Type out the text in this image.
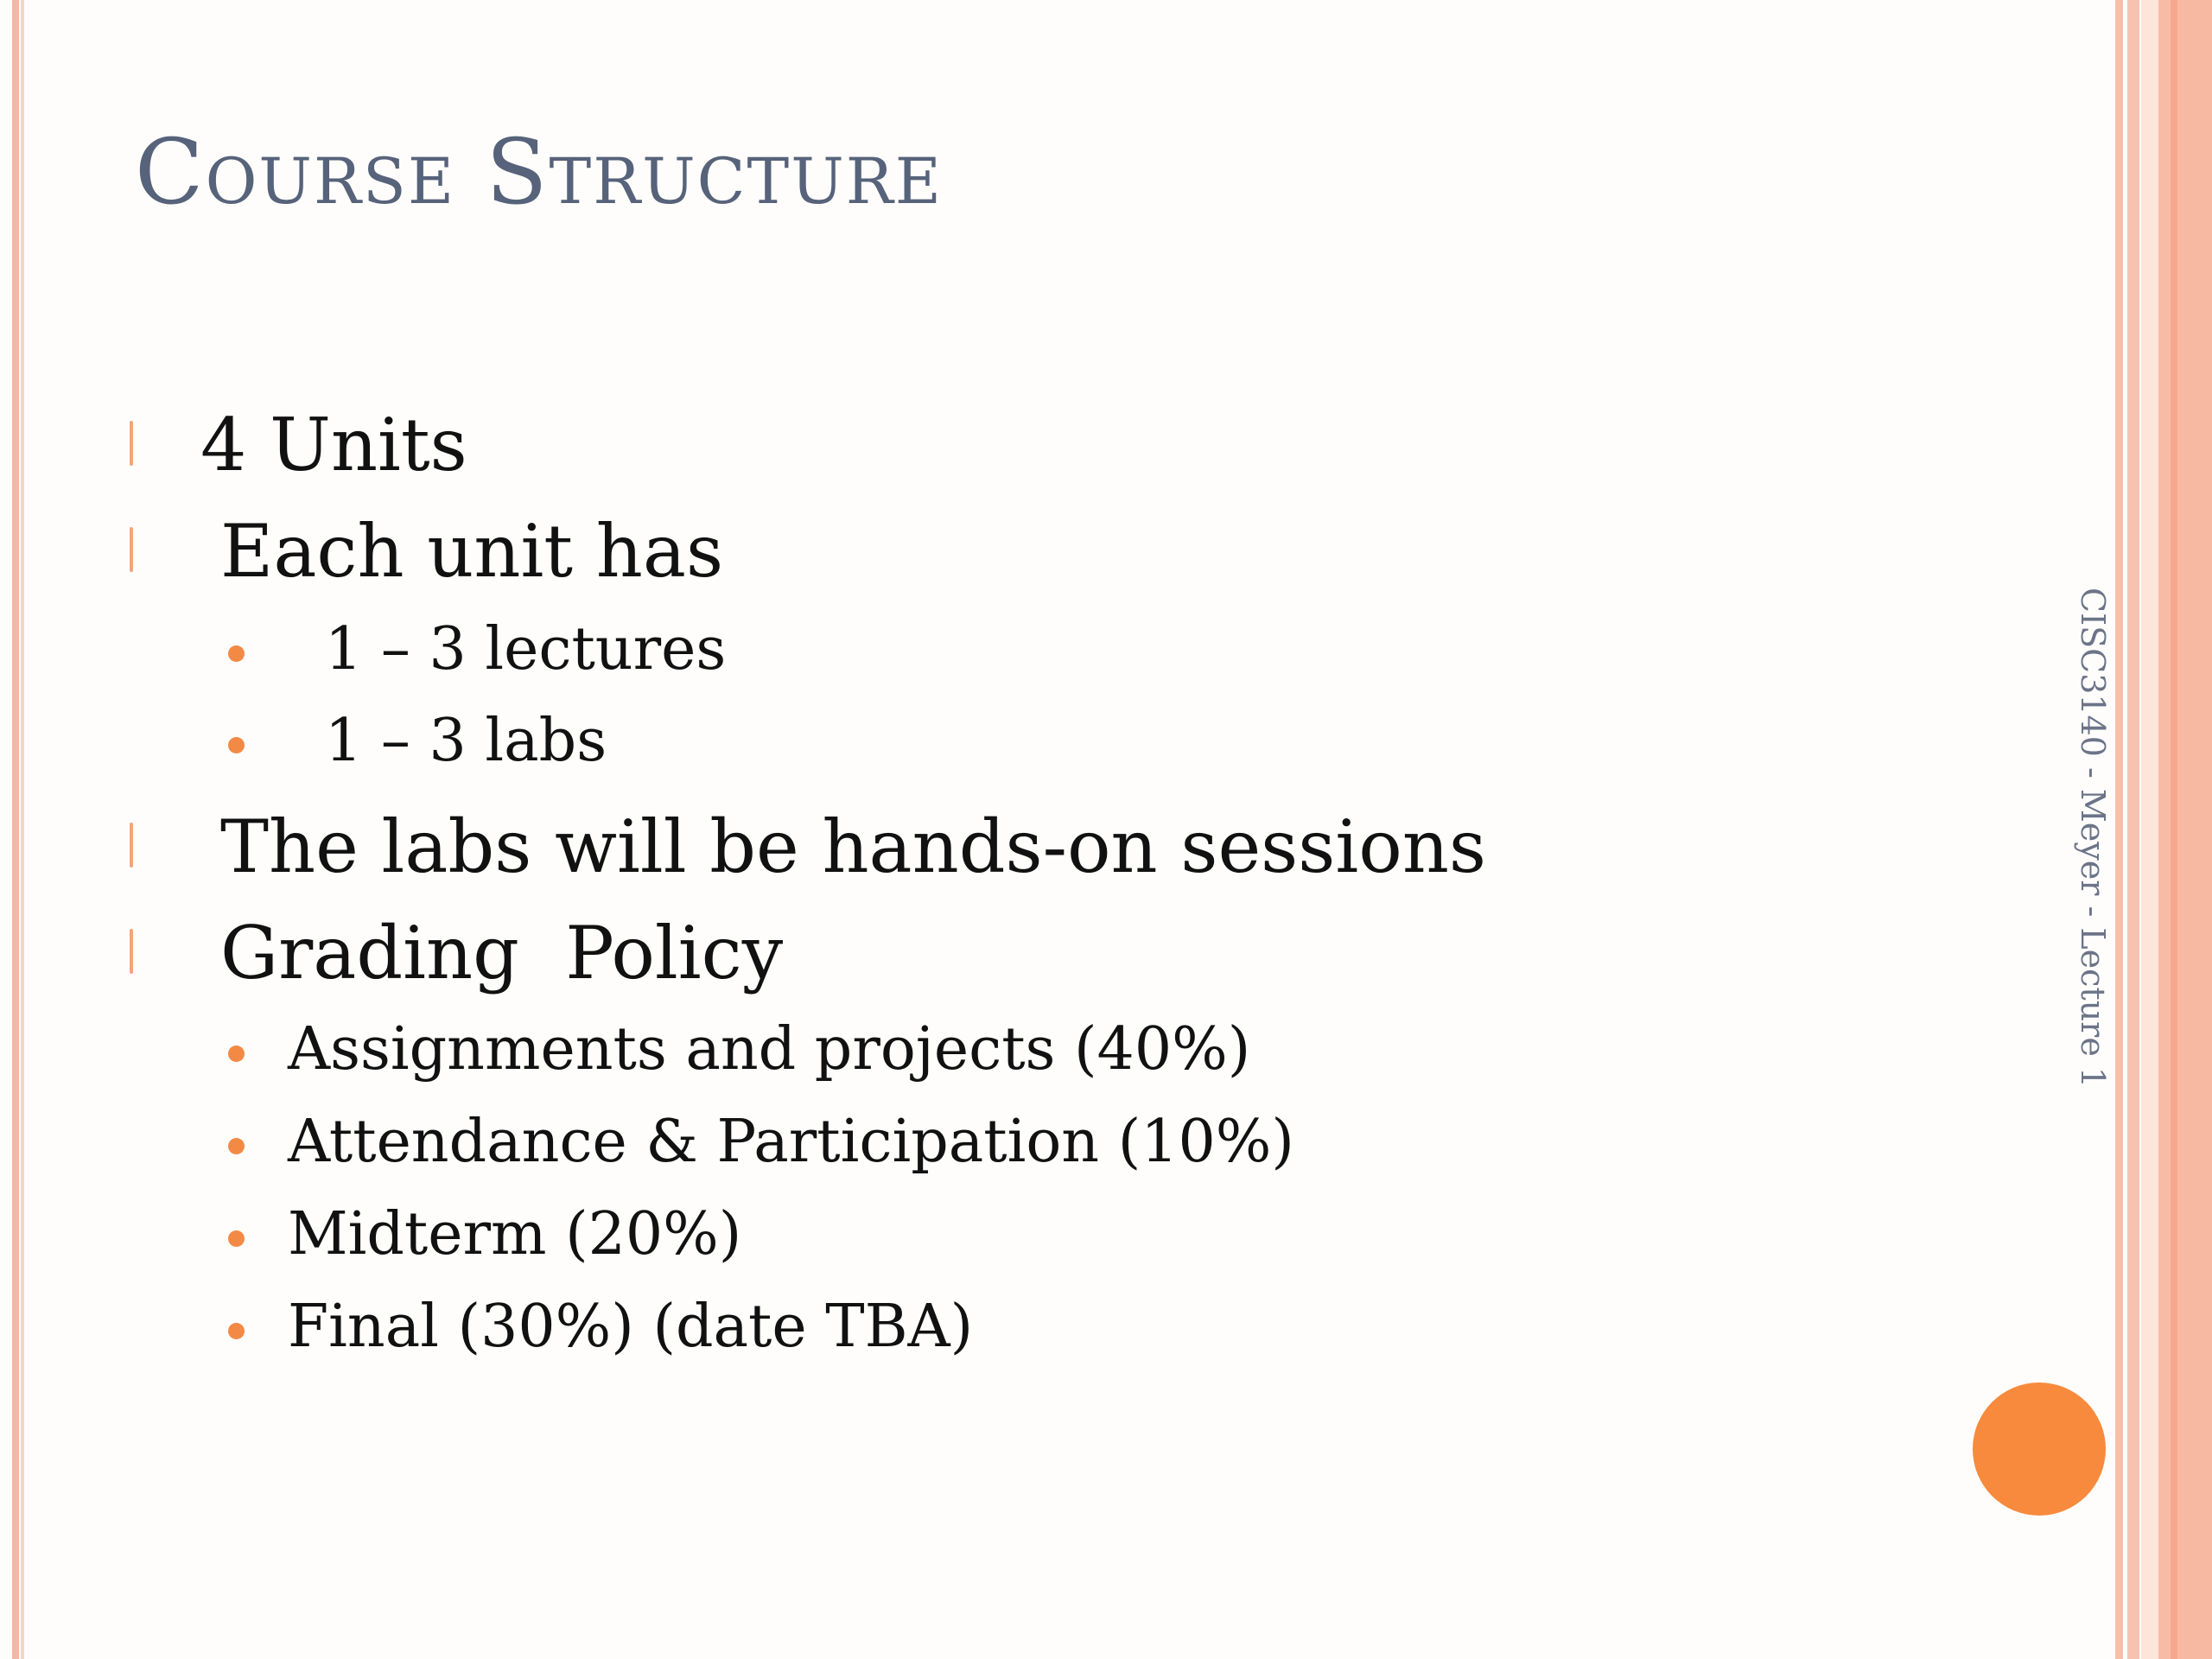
Course Structure
4 Units
Each unit has
1 – 3 lectures
1 – 3 labs
The labs will be hands-on sessions
Grading  Policy
Assignments and projects (40%)
Attendance & Participation (10%)
Midterm (20%)
Final (30%) (date TBA)
CISC3140 - Meyer - Lecture 1
